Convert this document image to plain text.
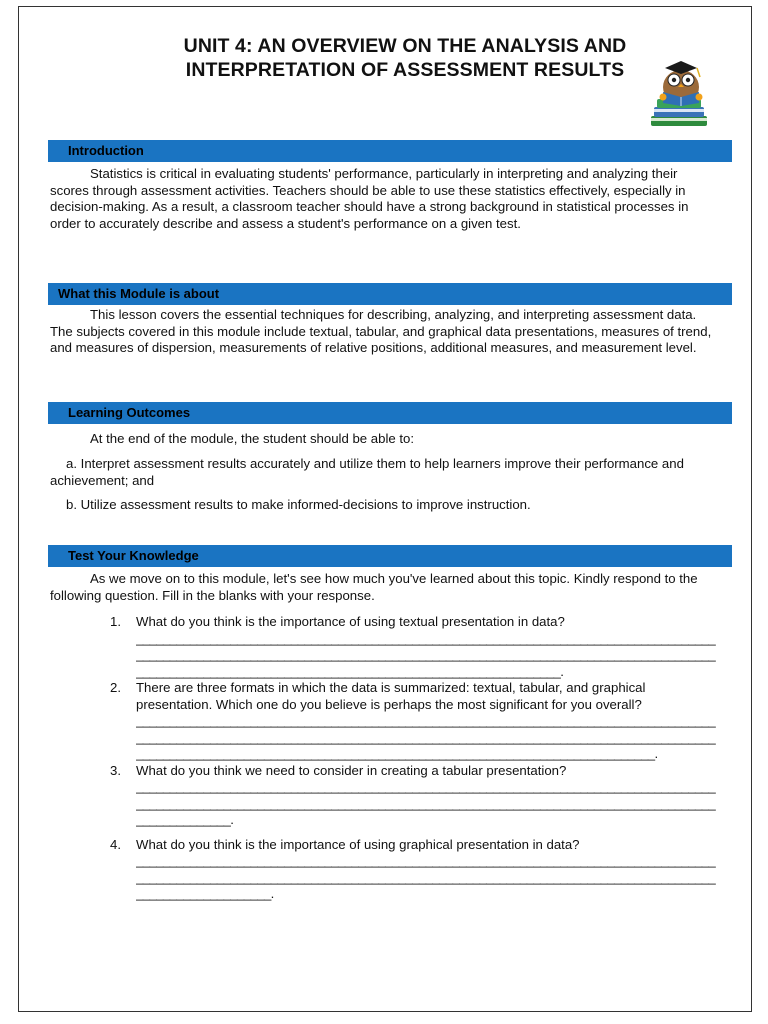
UNIT 4: AN OVERVIEW ON THE ANALYSIS AND
INTERPRETATION OF ASSESSMENT RESULTS
Introduction
Statistics is critical in evaluating students' performance, particularly in interpreting and analyzing their scores through assessment activities. Teachers should be able to use these statistics effectively, especially in decision-making. As a result, a classroom teacher should have a strong background in statistical processes in order to accurately describe and assess a student's performance on a given test.
What this Module is about
This lesson covers the essential techniques for describing, analyzing, and interpreting assessment data. The subjects covered in this module include textual, tabular, and graphical data presentations, measures of trend, and measures of dispersion, measurements of relative positions, additional measures, and measurement level.
Learning Outcomes
At the end of the module, the student should be able to:
a. Interpret assessment results accurately and utilize them to help learners improve their performance and achievement; and
b. Utilize assessment results to make informed-decisions to improve instruction.
Test Your Knowledge
As we move on to this module, let's see how much you've learned about this topic. Kindly respond to the following question. Fill in the blanks with your response.
1. What do you think is the importance of using textual presentation in data?
______________________________________________________________________________________
______________________________________________________________________________________
_______________________________________________________________.
2. There are three formats in which the data is summarized: textual, tabular, and graphical presentation. Which one do you believe is perhaps the most significant for you overall?
______________________________________________________________________________________
______________________________________________________________________________________
_____________________________________________________________________________.
3. What do you think we need to consider in creating a tabular presentation?
______________________________________________________________________________________
______________________________________________________________________________________
______________.
4. What do you think is the importance of using graphical presentation in data?
______________________________________________________________________________________
______________________________________________________________________________________
____________________.
